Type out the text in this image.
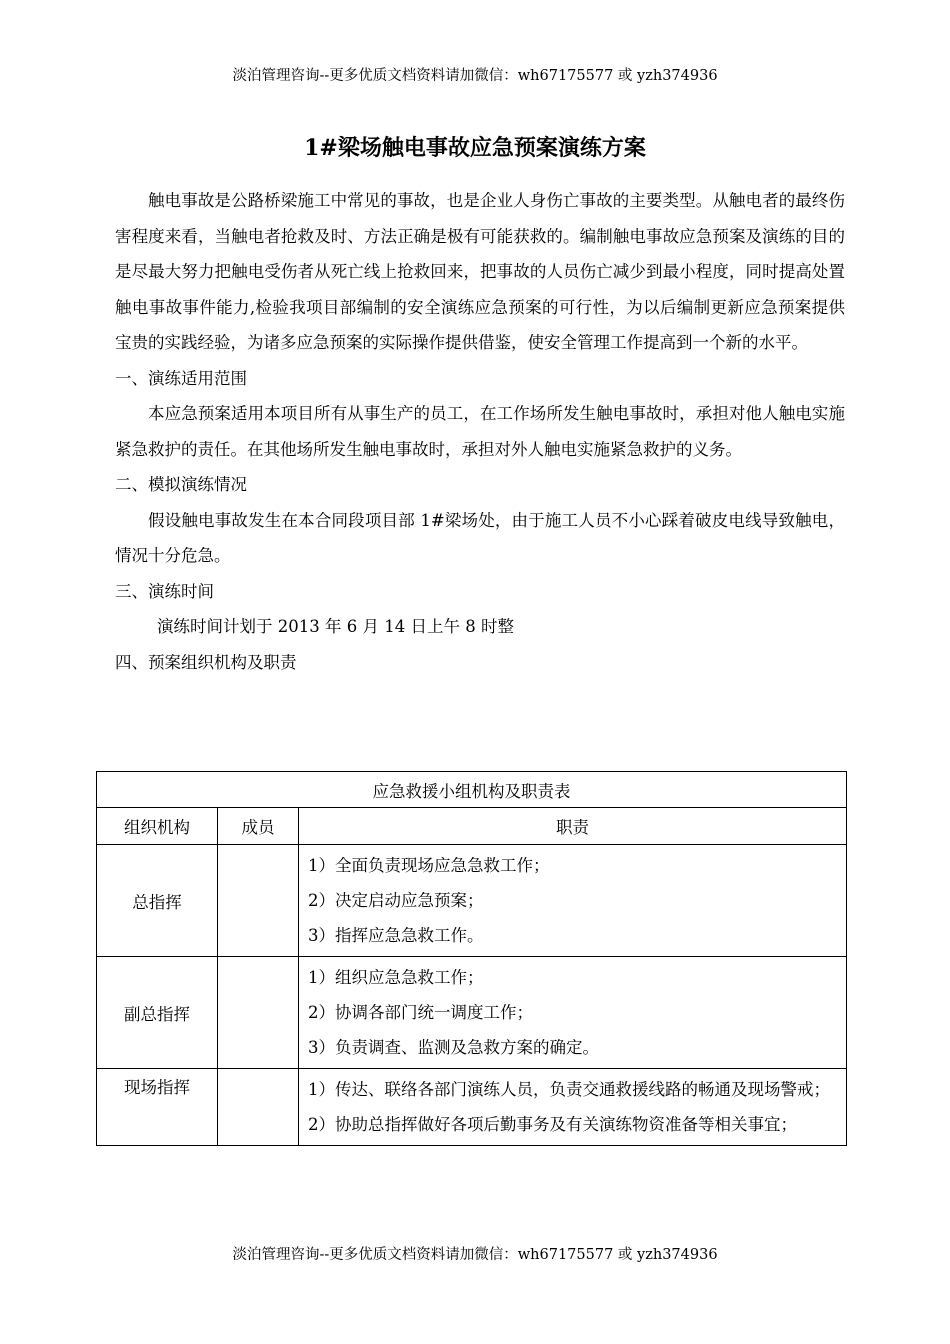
淡泊管理咨询--更多优质文档资料请加微信：wh67175577 或 yzh374936
1#梁场触电事故应急预案演练方案

触电事故是公路桥梁施工中常见的事故，也是企业人身伤亡事故的主要类型。从触电者的最终伤害程度来看，当触电者抢救及时、方法正确是极有可能获救的。编制触电事故应急预案及演练的目的是尽最大努力把触电受伤者从死亡线上抢救回来，把事故的人员伤亡减少到最小程度，同时提高处置触电事故事件能力,检验我项目部编制的安全演练应急预案的可行性，为以后编制更新应急预案提供宝贵的实践经验，为诸多应急预案的实际操作提供借鉴，使安全管理工作提高到一个新的水平。

一、演练适用范围

本应急预案适用本项目所有从事生产的员工，在工作场所发生触电事故时，承担对他人触电实施紧急救护的责任。在其他场所发生触电事故时，承担对外人触电实施紧急救护的义务。

二、模拟演练情况

假设触电事故发生在本合同段项目部 1#梁场处，由于施工人员不小心踩着破皮电线导致触电，情况十分危急。

三、演练时间

演练时间计划于 2013 年 6 月 14 日上午 8 时整

四、预案组织机构及职责

应急救援小组机构及职责表		
组织机构	成员	职责
总指挥		1）全面负责现场应急急救工作；
2）决定启动应急预案；
3）指挥应急急救工作。

副总指挥		1）组织应急急救工作；
2）协调各部门统一调度工作；
3）负责调查、监测及急救方案的确定。

现场指挥		1）传达、联络各部门演练人员，负责交通救援线路的畅通及现场警戒；
2）协助总指挥做好各项后勤事务及有关演练物资准备等相关事宜；
淡泊管理咨询--更多优质文档资料请加微信：wh67175577 或 yzh374936
